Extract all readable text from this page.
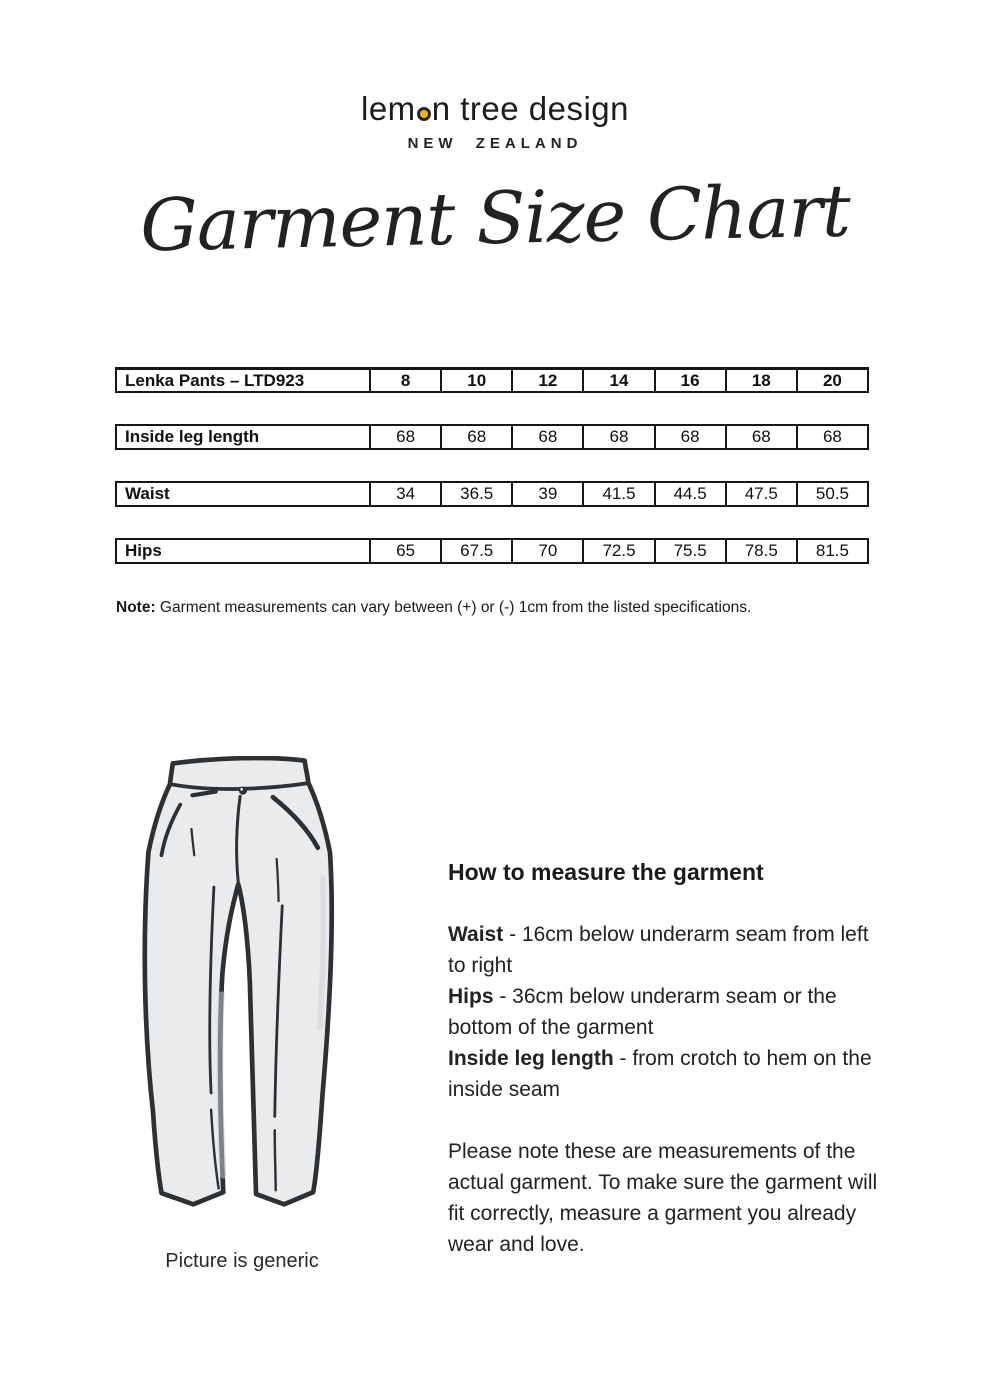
lem n tree design
NEW ZEALAND
Garment Size Chart
Lenka Pants – LTD923	8	10	12	14	16	18	20
Inside leg length	68	68	68	68	68	68	68
Waist	34	36.5	39	41.5	44.5	47.5	50.5
Hips	65	67.5	70	72.5	75.5	78.5	81.5

Note: Garment measurements can vary between (+) or (-) 1cm from the listed specifications.

Picture is generic
How to measure the garment

Waist - 16cm below underarm seam from left to right

Hips - 36cm below underarm seam or the bottom of the garment

Inside leg length - from crotch to hem on the inside seam

Please note these are measurements of the actual garment. To make sure the garment will fit correctly, measure a garment you already wear and love.
